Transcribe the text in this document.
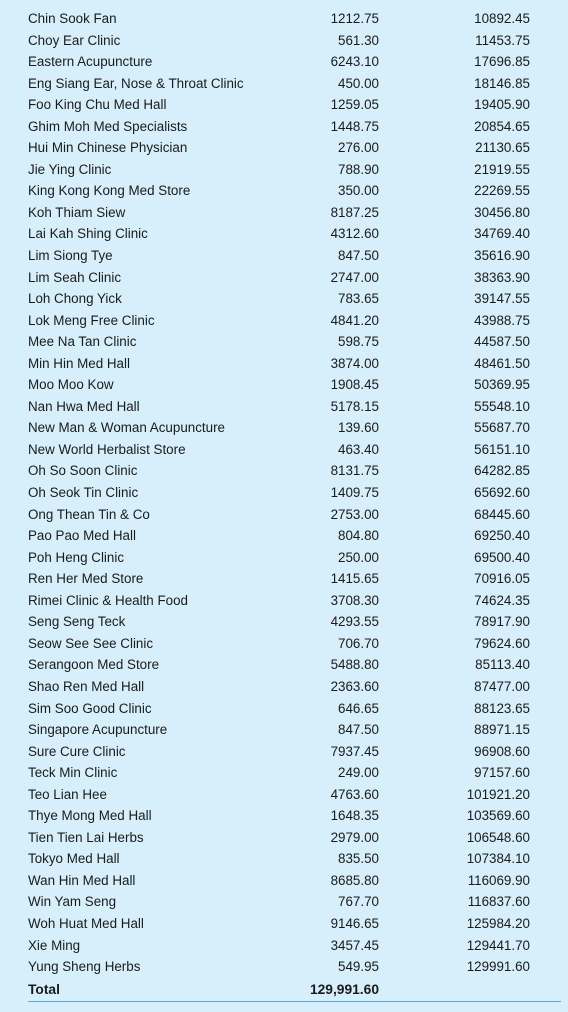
Chin Sook Fan	1212.75	10892.45
Choy Ear Clinic	561.30	11453.75
Eastern Acupuncture	6243.10	17696.85
Eng Siang Ear, Nose & Throat Clinic	450.00	18146.85
Foo King Chu Med Hall	1259.05	19405.90
Ghim Moh Med Specialists	1448.75	20854.65
Hui Min Chinese Physician	276.00	21130.65
Jie Ying Clinic	788.90	21919.55
King Kong Kong Med Store	350.00	22269.55
Koh Thiam Siew	8187.25	30456.80
Lai Kah Shing Clinic	4312.60	34769.40
Lim Siong Tye	847.50	35616.90
Lim Seah Clinic	2747.00	38363.90
Loh Chong Yick	783.65	39147.55
Lok Meng Free Clinic	4841.20	43988.75
Mee Na Tan Clinic	598.75	44587.50
Min Hin Med Hall	3874.00	48461.50
Moo Moo Kow	1908.45	50369.95
Nan Hwa Med Hall	5178.15	55548.10
New Man & Woman Acupuncture	139.60	55687.70
New World Herbalist Store	463.40	56151.10
Oh So Soon Clinic	8131.75	64282.85
Oh Seok Tin Clinic	1409.75	65692.60
Ong Thean Tin & Co	2753.00	68445.60
Pao Pao Med Hall	804.80	69250.40
Poh Heng Clinic	250.00	69500.40
Ren Her Med Store	1415.65	70916.05
Rimei Clinic & Health Food	3708.30	74624.35
Seng Seng Teck	4293.55	78917.90
Seow See See Clinic	706.70	79624.60
Serangoon Med Store	5488.80	85113.40
Shao Ren Med Hall	2363.60	87477.00
Sim Soo Good Clinic	646.65	88123.65
Singapore Acupuncture	847.50	88971.15
Sure Cure Clinic	7937.45	96908.60
Teck Min Clinic	249.00	97157.60
Teo Lian Hee	4763.60	101921.20
Thye Mong Med Hall	1648.35	103569.60
Tien Tien Lai Herbs	2979.00	106548.60
Tokyo Med Hall	835.50	107384.10
Wan Hin Med Hall	8685.80	116069.90
Win Yam Seng	767.70	116837.60
Woh Huat Med Hall	9146.65	125984.20
Xie Ming	3457.45	129441.70
Yung Sheng Herbs	549.95	129991.60
Total	129,991.60
